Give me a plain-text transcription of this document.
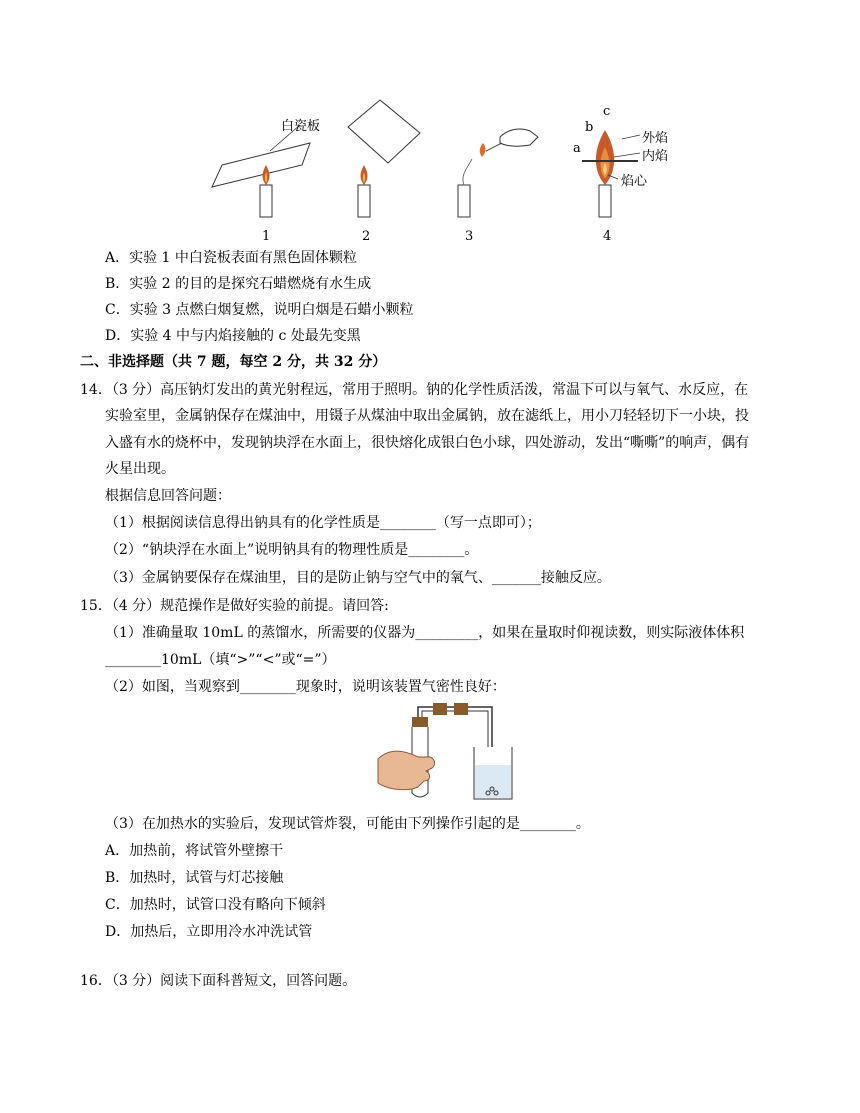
白瓷板
c
b
a
外焰
内焰
焰心
1	2	3	4
A．实验 1 中白瓷板表面有黑色固体颗粒
B．实验 2 的目的是探究石蜡燃烧有水生成
C．实验 3 点燃白烟复燃，说明白烟是石蜡小颗粒
D．实验 4 中与内焰接触的 c 处最先变黑
二、非选择题（共 7 题，每空 2 分，共 32 分）
14．（3 分）高压钠灯发出的黄光射程远，常用于照明。钠的化学性质活泼，常温下可以与氧气、水反应，在
实验室里，金属钠保存在煤油中，用镊子从煤油中取出金属钠，放在滤纸上，用小刀轻轻切下一小块，投
入盛有水的烧杯中，发现钠块浮在水面上，很快熔化成银白色小球，四处游动，发出“嘶嘶”的响声，偶有
火星出现。
根据信息回答问题：
（1）根据阅读信息得出钠具有的化学性质是________（写一点即可）；
（2）“钠块浮在水面上”说明钠具有的物理性质是________。
（3）金属钠要保存在煤油里，目的是防止钠与空气中的氧气、_______接触反应。
15．（4 分）规范操作是做好实验的前提。请回答:
（1）准确量取 10mL 的蒸馏水，所需要的仪器为_________，如果在量取时仰视读数，则实际液体体积
________10mL（填“>”“<”或“=”）
（2）如图，当观察到________现象时，说明该装置气密性良好：
（3）在加热水的实验后，发现试管炸裂，可能由下列操作引起的是________。
A．加热前，将试管外壁擦干
B．加热时，试管与灯芯接触
C．加热时，试管口没有略向下倾斜
D．加热后，立即用冷水冲洗试管
16．（3 分）阅读下面科普短文，回答问题。
